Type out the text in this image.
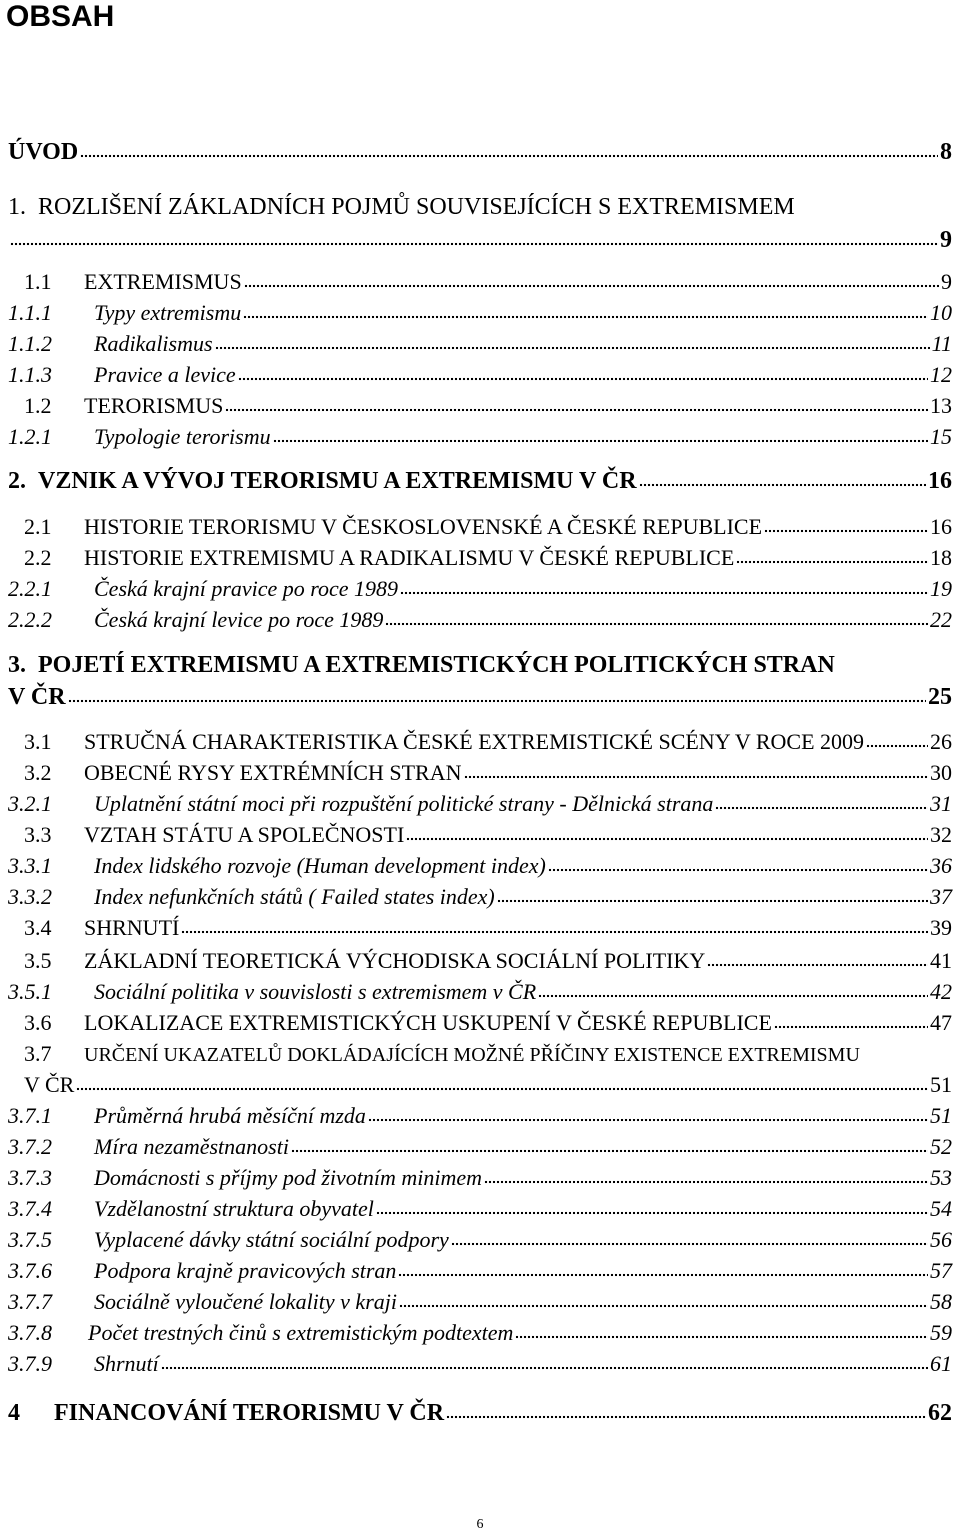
OBSAH
ÚVOD	8
1. ROZLIŠENÍ ZÁKLADNÍCH POJMŮ SOUVISEJÍCÍCH S EXTREMISMEM
9
1.1	EXTREMISMUS	9
1.1.1	Typy extremismu	10
1.1.2	Radikalismus	11
1.1.3	Pravice a levice	12
1.2	TERORISMUS	13
1.2.1	Typologie terorismu	15
2. VZNIK A VÝVOJ TERORISMU A EXTREMISMU V ČR	16
2.1	HISTORIE TERORISMU V ČESKOSLOVENSKÉ A ČESKÉ REPUBLICE	16
2.2	HISTORIE EXTREMISMU A RADIKALISMU V ČESKÉ REPUBLICE	18
2.2.1	Česká krajní pravice po roce 1989	19
2.2.2	Česká krajní levice po roce 1989	22
3. POJETÍ EXTREMISMU A EXTREMISTICKÝCH POLITICKÝCH STRAN
V ČR	25
3.1	STRUČNÁ CHARAKTERISTIKA ČESKÉ EXTREMISTICKÉ SCÉNY V ROCE 2009	26
3.2	OBECNÉ RYSY EXTRÉMNÍCH STRAN	30
3.2.1	Uplatnění státní moci při rozpuštění politické strany - Dělnická strana	31
3.3	VZTAH STÁTU A SPOLEČNOSTI	32
3.3.1	Index lidského rozvoje (Human development index)	36
3.3.2	Index nefunkčních států ( Failed states index)	37
3.4	SHRNUTÍ	39
3.5	ZÁKLADNÍ TEORETICKÁ VÝCHODISKA SOCIÁLNÍ POLITIKY	41
3.5.1	Sociální politika v souvislosti s extremismem v ČR	42
3.6	LOKALIZACE EXTREMISTICKÝCH USKUPENÍ V ČESKÉ REPUBLICE	47
3.7	URČENÍ UKAZATELŮ DOKLÁDAJÍCÍCH MOŽNÉ PŘÍČINY EXISTENCE EXTREMISMU
V ČR	51
3.7.1	Průměrná hrubá měsíční mzda	51
3.7.2	Míra nezaměstnanosti	52
3.7.3	Domácnosti s příjmy pod životním minimem	53
3.7.4	Vzdělanostní struktura obyvatel	54
3.7.5	Vyplacené dávky státní sociální podpory	56
3.7.6	Podpora krajně pravicových stran	57
3.7.7	Sociálně vyloučené lokality v kraji	58
3.7.8	Počet trestných činů s extremistickým podtextem	59
3.7.9	Shrnutí	61
4	FINANCOVÁNÍ TERORISMU V ČR	62
6
